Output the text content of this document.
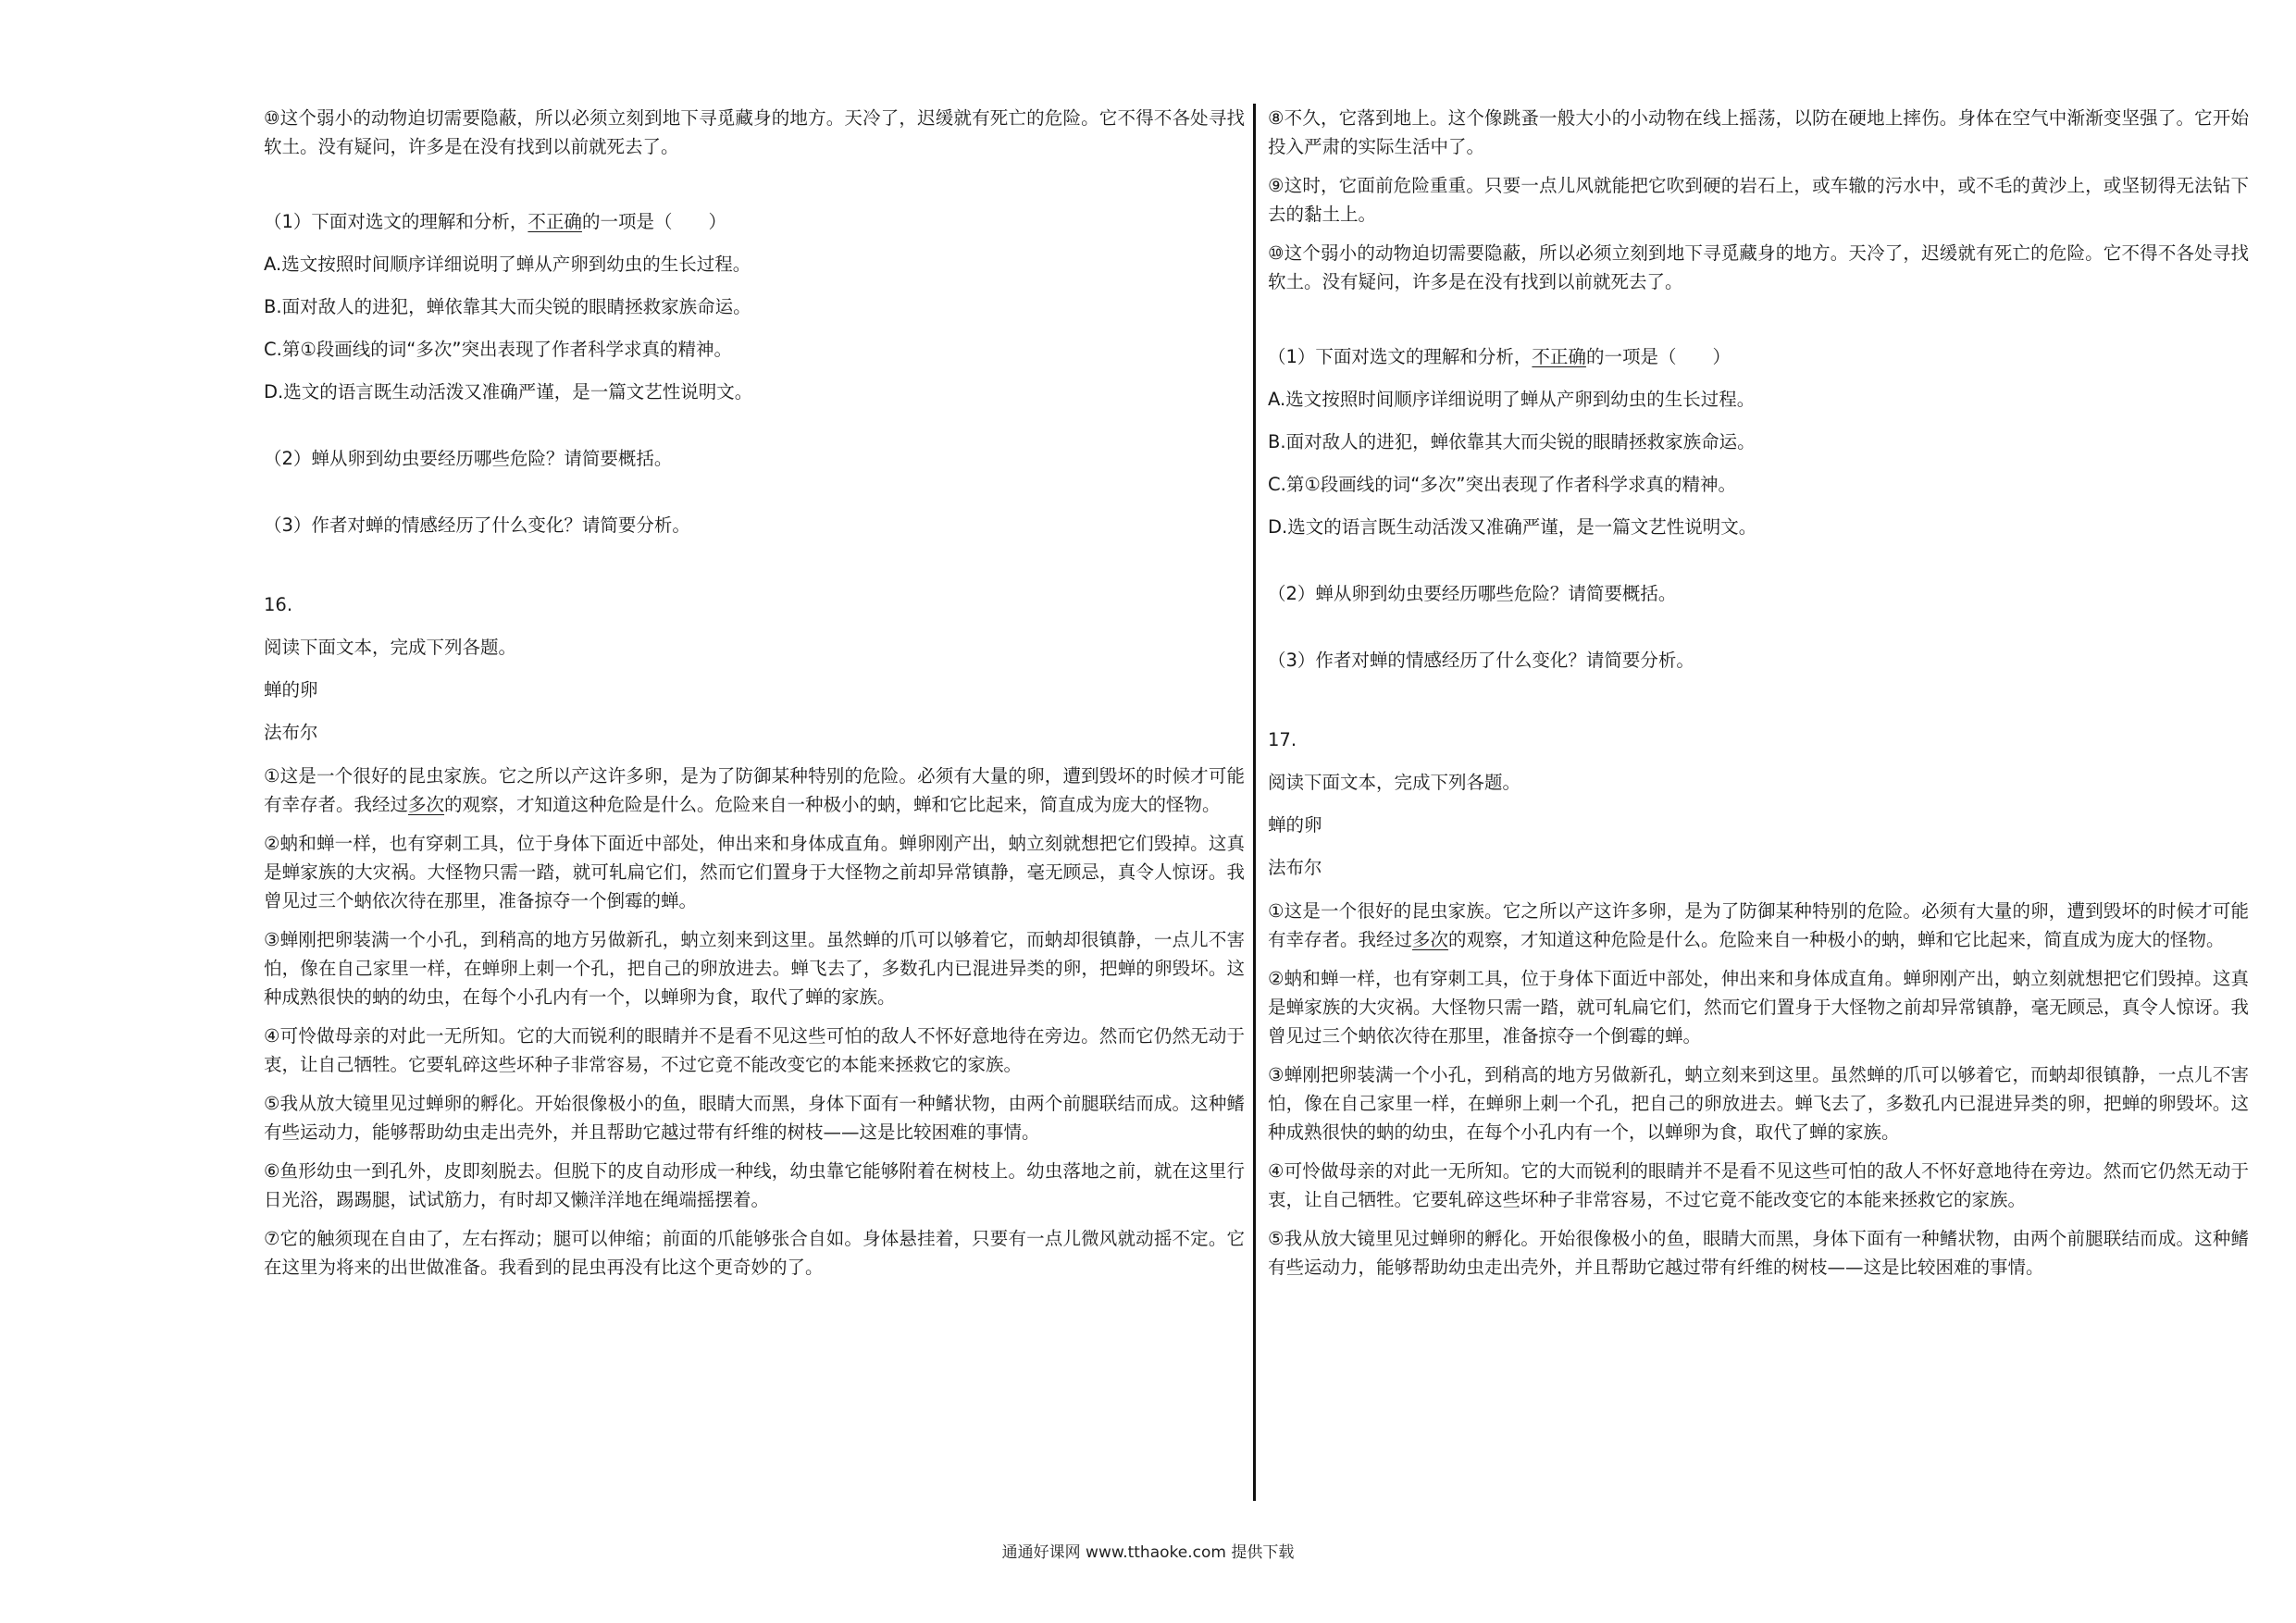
⑩这个弱小的动物迫切需要隐蔽，所以必须立刻到地下寻觅藏身的地方。天冷了，迟缓就有死亡的危险。它不得不各处寻找软土。没有疑问，许多是在没有找到以前就死去了。

（1）下面对选文的理解和分析，不正确的一项是（　　）

A.选文按照时间顺序详细说明了蝉从产卵到幼虫的生长过程。

B.面对敌人的进犯，蝉依靠其大而尖锐的眼睛拯救家族命运。

C.第①段画线的词“多次”突出表现了作者科学求真的精神。

D.选文的语言既生动活泼又准确严谨，是一篇文艺性说明文。

（2）蝉从卵到幼虫要经历哪些危险？请简要概括。

（3）作者对蝉的情感经历了什么变化？请简要分析。

16.

阅读下面文本，完成下列各题。

蝉的卵

法布尔

①这是一个很好的昆虫家族。它之所以产这许多卵，是为了防御某种特别的危险。必须有大量的卵，遭到毁坏的时候才可能有幸存者。我经过多次的观察，才知道这种危险是什么。危险来自一种极小的蚋，蝉和它比起来，简直成为庞大的怪物。

②蚋和蝉一样，也有穿刺工具，位于身体下面近中部处，伸出来和身体成直角。蝉卵刚产出，蚋立刻就想把它们毁掉。这真是蝉家族的大灾祸。大怪物只需一踏，就可轧扁它们，然而它们置身于大怪物之前却异常镇静，毫无顾忌，真令人惊讶。我曾见过三个蚋依次待在那里，准备掠夺一个倒霉的蝉。

③蝉刚把卵装满一个小孔，到稍高的地方另做新孔，蚋立刻来到这里。虽然蝉的爪可以够着它，而蚋却很镇静，一点儿不害怕，像在自己家里一样，在蝉卵上刺一个孔，把自己的卵放进去。蝉飞去了，多数孔内已混进异类的卵，把蝉的卵毁坏。这种成熟很快的蚋的幼虫，在每个小孔内有一个，以蝉卵为食，取代了蝉的家族。

④可怜做母亲的对此一无所知。它的大而锐利的眼睛并不是看不见这些可怕的敌人不怀好意地待在旁边。然而它仍然无动于衷，让自己牺牲。它要轧碎这些坏种子非常容易，不过它竟不能改变它的本能来拯救它的家族。

⑤我从放大镜里见过蝉卵的孵化。开始很像极小的鱼，眼睛大而黑，身体下面有一种鳍状物，由两个前腿联结而成。这种鳍有些运动力，能够帮助幼虫走出壳外，并且帮助它越过带有纤维的树枝——这是比较困难的事情。

⑥鱼形幼虫一到孔外，皮即刻脱去。但脱下的皮自动形成一种线，幼虫靠它能够附着在树枝上。幼虫落地之前，就在这里行日光浴，踢踢腿，试试筋力，有时却又懒洋洋地在绳端摇摆着。

⑦它的触须现在自由了，左右挥动；腿可以伸缩；前面的爪能够张合自如。身体悬挂着，只要有一点儿微风就动摇不定。它在这里为将来的出世做准备。我看到的昆虫再没有比这个更奇妙的了。

⑧不久，它落到地上。这个像跳蚤一般大小的小动物在线上摇荡，以防在硬地上摔伤。身体在空气中渐渐变坚强了。它开始投入严肃的实际生活中了。

⑨这时，它面前危险重重。只要一点儿风就能把它吹到硬的岩石上，或车辙的污水中，或不毛的黄沙上，或坚韧得无法钻下去的黏土上。

⑩这个弱小的动物迫切需要隐蔽，所以必须立刻到地下寻觅藏身的地方。天冷了，迟缓就有死亡的危险。它不得不各处寻找软土。没有疑问，许多是在没有找到以前就死去了。

（1）下面对选文的理解和分析，不正确的一项是（　　）

A.选文按照时间顺序详细说明了蝉从产卵到幼虫的生长过程。

B.面对敌人的进犯，蝉依靠其大而尖锐的眼睛拯救家族命运。

C.第①段画线的词“多次”突出表现了作者科学求真的精神。

D.选文的语言既生动活泼又准确严谨，是一篇文艺性说明文。

（2）蝉从卵到幼虫要经历哪些危险？请简要概括。

（3）作者对蝉的情感经历了什么变化？请简要分析。

17.

阅读下面文本，完成下列各题。

蝉的卵

法布尔

①这是一个很好的昆虫家族。它之所以产这许多卵，是为了防御某种特别的危险。必须有大量的卵，遭到毁坏的时候才可能有幸存者。我经过多次的观察，才知道这种危险是什么。危险来自一种极小的蚋，蝉和它比起来，简直成为庞大的怪物。

②蚋和蝉一样，也有穿刺工具，位于身体下面近中部处，伸出来和身体成直角。蝉卵刚产出，蚋立刻就想把它们毁掉。这真是蝉家族的大灾祸。大怪物只需一踏，就可轧扁它们，然而它们置身于大怪物之前却异常镇静，毫无顾忌，真令人惊讶。我曾见过三个蚋依次待在那里，准备掠夺一个倒霉的蝉。

③蝉刚把卵装满一个小孔，到稍高的地方另做新孔，蚋立刻来到这里。虽然蝉的爪可以够着它，而蚋却很镇静，一点儿不害怕，像在自己家里一样，在蝉卵上刺一个孔，把自己的卵放进去。蝉飞去了，多数孔内已混进异类的卵，把蝉的卵毁坏。这种成熟很快的蚋的幼虫，在每个小孔内有一个，以蝉卵为食，取代了蝉的家族。

④可怜做母亲的对此一无所知。它的大而锐利的眼睛并不是看不见这些可怕的敌人不怀好意地待在旁边。然而它仍然无动于衷，让自己牺牲。它要轧碎这些坏种子非常容易，不过它竟不能改变它的本能来拯救它的家族。

⑤我从放大镜里见过蝉卵的孵化。开始很像极小的鱼，眼睛大而黑，身体下面有一种鳍状物，由两个前腿联结而成。这种鳍有些运动力，能够帮助幼虫走出壳外，并且帮助它越过带有纤维的树枝——这是比较困难的事情。

通通好课网 www.tthaoke.com 提供下载
